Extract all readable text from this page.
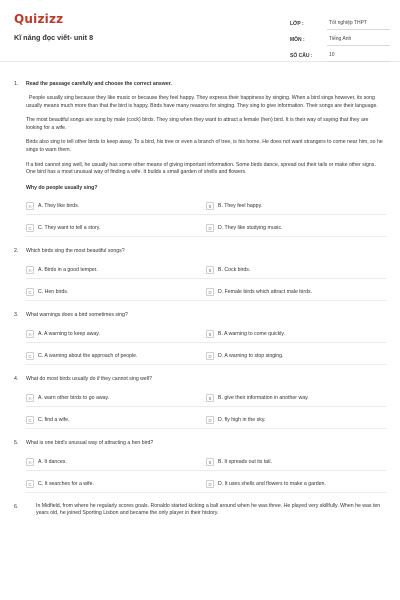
Quizizz
Kĩ năng đọc viết- unit 8
LỚP :	Tốt nghiệp THPT
MÔN :	Tiếng Anh
SỐ CÂU :	10
1.	Read the passage carefully and choose the correct answer.

People usually sing because they like music or because they feel happy. They express their happiness by singing. When a bird sings however, its song usually means much more than that the bird is happy. Birds have many reasons for singing. They sing to give information. Their songs are their language.

The most beautiful songs are sung by male (cock) birds. They sing when they want to attract a female (hen) bird. It is their way of saying that they are looking for a wife.

Birds also sing to tell other birds to keep away. To a bird, his tree or even a branch of tree, is his home. He does not want strangers to come near him, so he sings to warn them.

If a bird cannot sing well, he usually has some other means of giving important information. Some birds dance, spread out their tails or make other signs. One bird has a most unusual way of finding a wife. It builds a small garden of shells and flowers.

Why do people usually sing?
A	A. They like birds.	B	B. They feel happy.
C	C. They want to tell a story.	D	D. They like studying music.
2.	Which birds sing the most beautiful songs?
A	A. Birds in a good temper.	B	B. Cock birds.
C	C. Hen birds.	D	D. Female birds which attract male birds.
3.	What warnings does a bird sometimes sing?
A	A. A warning to keep away.	B	B. A warning to come quickly.
C	C. A warning about the approach of people.	D	D. A warning to stop singing.
4.	What do most birds usually do if they cannot sing well?
A	A. warn other birds to go away.	B	B. give their information in another way.
C	C. find a wife.	D	D. fly high in the sky.
5.	What is one bird's unusual way of attracting a hen bird?
A	A. It dances.	B	B. It spreads out its tail.
C	C. It searches for a wife.	D	D. It uses shells and flowers to make a garden.
6.	In Midfield, from where he regularly scores goals. Ronaldo started kicking a ball around when he was three. He played very skillfully. When he was ten years old, he joined Sporting Lisbon and became the only player in their history.
